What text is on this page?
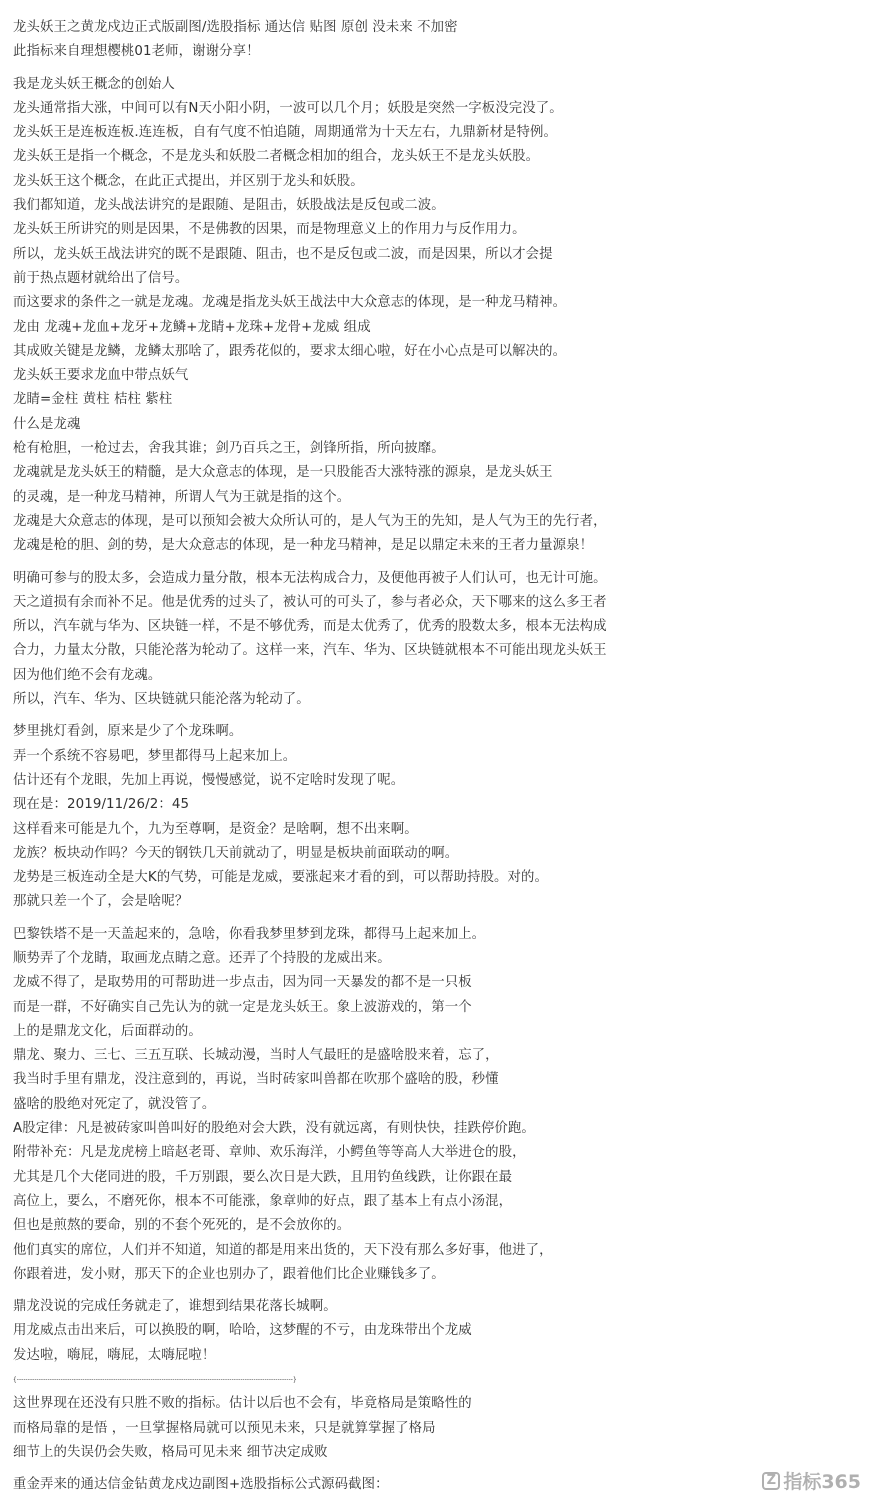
龙头妖王之黄龙戍边正式版副图/选股指标 通达信 贴图 原创 没未来 不加密
此指标来自理想樱桃01老师，谢谢分享！
我是龙头妖王概念的创始人
龙头通常指大涨，中间可以有N天小阳小阴，一波可以几个月；妖股是突然一字板没完没了。
龙头妖王是连板连板.连连板，自有气度不怕追随，周期通常为十天左右，九鼎新材是特例。
龙头妖王是指一个概念，不是龙头和妖股二者概念相加的组合，龙头妖王不是龙头妖股。
龙头妖王这个概念，在此正式提出，并区别于龙头和妖股。
我们都知道，龙头战法讲究的是跟随、是阻击，妖股战法是反包或二波。
龙头妖王所讲究的则是因果，不是佛教的因果，而是物理意义上的作用力与反作用力。
所以，龙头妖王战法讲究的既不是跟随、阻击，也不是反包或二波，而是因果，所以才会提
前于热点题材就给出了信号。
而这要求的条件之一就是龙魂。龙魂是指龙头妖王战法中大众意志的体现，是一种龙马精神。
龙由 龙魂+龙血+龙牙+龙鳞+龙睛+龙珠+龙骨+龙威 组成
其成败关键是龙鳞，龙鳞太那啥了，跟秀花似的，要求太细心啦，好在小心点是可以解决的。
龙头妖王要求龙血中带点妖气
龙睛=金柱 黄柱 桔柱 紫柱
什么是龙魂
枪有枪胆，一枪过去，舍我其谁；剑乃百兵之王，剑锋所指，所向披靡。
龙魂就是龙头妖王的精髓，是大众意志的体现，是一只股能否大涨特涨的源泉，是龙头妖王
的灵魂，是一种龙马精神，所谓人气为王就是指的这个。
龙魂是大众意志的体现，是可以预知会被大众所认可的，是人气为王的先知，是人气为王的先行者，
龙魂是枪的胆、剑的势，是大众意志的体现，是一种龙马精神，是足以鼎定未来的王者力量源泉！
明确可参与的股太多，会造成力量分散，根本无法构成合力，及便他再被子人们认可，也无计可施。
天之道损有余而补不足。他是优秀的过头了，被认可的可头了，参与者必众，天下哪来的这么多王者
所以，汽车就与华为、区块链一样，不是不够优秀，而是太优秀了，优秀的股数太多，根本无法构成
合力，力量太分散，只能沦落为轮动了。这样一来，汽车、华为、区块链就根本不可能出现龙头妖王
因为他们绝不会有龙魂。
所以，汽车、华为、区块链就只能沦落为轮动了。
梦里挑灯看剑，原来是少了个龙珠啊。
弄一个系统不容易吧，梦里都得马上起来加上。
估计还有个龙眼，先加上再说，慢慢感觉，说不定啥时发现了呢。
现在是：2019/11/26/2：45
这样看来可能是九个，九为至尊啊，是资金？是啥啊，想不出来啊。
龙族？板块动作吗？今天的钢铁几天前就动了，明显是板块前面联动的啊。
龙势是三板连动全是大K的气势，可能是龙威，要涨起来才看的到，可以帮助持股。对的。
那就只差一个了，会是啥呢？
巴黎铁塔不是一天盖起来的，急啥，你看我梦里梦到龙珠，都得马上起来加上。
顺势弄了个龙睛，取画龙点睛之意。还弄了个持股的龙威出来。
龙威不得了，是取势用的可帮助进一步点击，因为同一天暴发的都不是一只板
而是一群，不好确实自己先认为的就一定是龙头妖王。象上波游戏的，第一个
上的是鼎龙文化，后面群动的。
鼎龙、聚力、三七、三五互联、长城动漫，当时人气最旺的是盛啥股来着，忘了，
我当时手里有鼎龙，没注意到的，再说，当时砖家叫兽都在吹那个盛啥的股，秒懂
盛啥的股绝对死定了，就没管了。
A股定律：凡是被砖家叫兽叫好的股绝对会大跌，没有就远离，有则快快，挂跌停价跑。
附带补充：凡是龙虎榜上暗赵老哥、章帅、欢乐海洋，小鳄鱼等等高人大举进仓的股，
尤其是几个大佬同进的股，千万别跟，要么次日是大跌，且用钓鱼线跌，让你跟在最
高位上，要么，不磨死你，根本不可能涨，象章帅的好点，跟了基本上有点小汤混，
但也是煎熬的要命，别的不套个死死的，是不会放你的。
他们真实的席位，人们并不知道，知道的都是用来出货的，天下没有那么多好事，他进了，
你跟着进，发小财，那天下的企业也别办了，跟着他们比企业赚钱多了。
鼎龙没说的完成任务就走了，谁想到结果花落长城啊。
用龙威点击出来后，可以换股的啊，哈哈，这梦醒的不亏，由龙珠带出个龙威
发达啦，嗨屁，嗨屁，太嗨屁啦！
{------------------------------------------------------------------------------------------------------------------------------}
这世界现在还没有只胜不败的指标。估计以后也不会有，毕竟格局是策略性的
而格局靠的是悟 ，一旦掌握格局就可以预见未来，只是就算掌握了格局
细节上的失误仍会失败，格局可见未来 细节决定成败
重金弄来的通达信金钻黄龙戍边副图+选股指标公式源码截图：	Z 指标365
